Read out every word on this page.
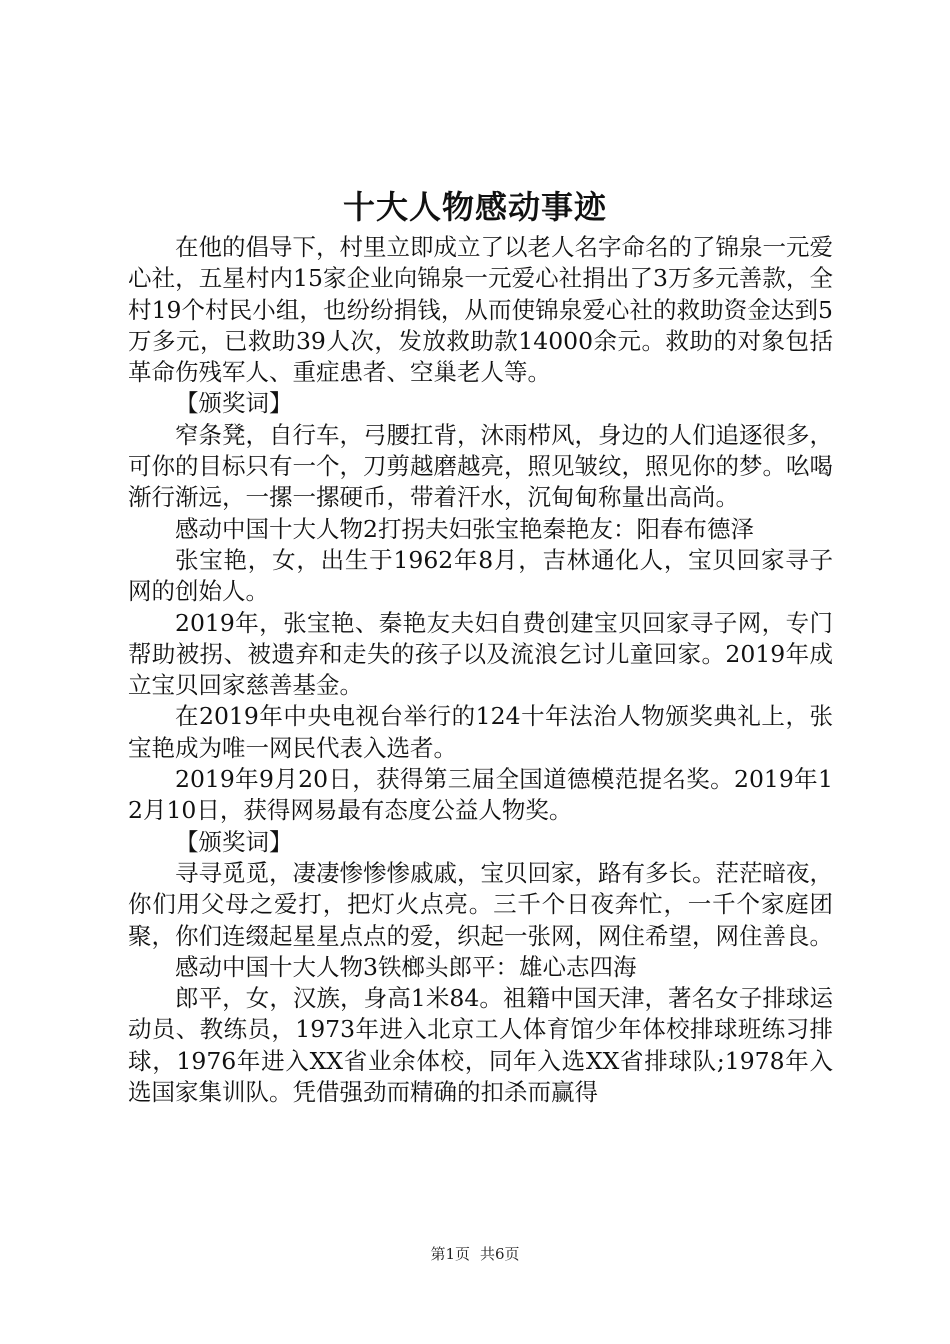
十大人物感动事迹

在他的倡导下，村里立即成立了以老人名字命名的了锦泉一元爱心社，五星村内15家企业向锦泉一元爱心社捐出了3万多元善款，全村19个村民小组，也纷纷捐钱，从而使锦泉爱心社的救助资金达到5万多元，已救助39人次，发放救助款14000余元。救助的对象包括革命伤残军人、重症患者、空巢老人等。

【颁奖词】

窄条凳，自行车，弓腰扛背，沐雨栉风，身边的人们追逐很多，可你的目标只有一个，刀剪越磨越亮，照见皱纹，照见你的梦。吆喝渐行渐远，一摞一摞硬币，带着汗水，沉甸甸称量出高尚。

感动中国十大人物2打拐夫妇张宝艳秦艳友：阳春布德泽

张宝艳，女，出生于1962年8月，吉林通化人，宝贝回家寻子网的创始人。

2019年，张宝艳、秦艳友夫妇自费创建宝贝回家寻子网，专门帮助被拐、被遗弃和走失的孩子以及流浪乞讨儿童回家。2019年成立宝贝回家慈善基金。

在2019年中央电视台举行的124十年法治人物颁奖典礼上，张宝艳成为唯一网民代表入选者。

2019年9月20日，获得第三届全国道德模范提名奖。2019年12月10日，获得网易最有态度公益人物奖。

【颁奖词】

寻寻觅觅，凄凄惨惨惨戚戚，宝贝回家，路有多长。茫茫暗夜，你们用父母之爱打，把灯火点亮。三千个日夜奔忙，一千个家庭团聚，你们连缀起星星点点的爱，织起一张网，网住希望，网住善良。

感动中国十大人物3铁榔头郎平：雄心志四海

郎平，女，汉族，身高1米84。祖籍中国天津，著名女子排球运动员、教练员，1973年进入北京工人体育馆少年体校排球班练习排球，1976年进入XX省业余体校，同年入选XX省排球队;1978年入选国家集训队。凭借强劲而精确的扣杀而赢得

第1页 共6页
